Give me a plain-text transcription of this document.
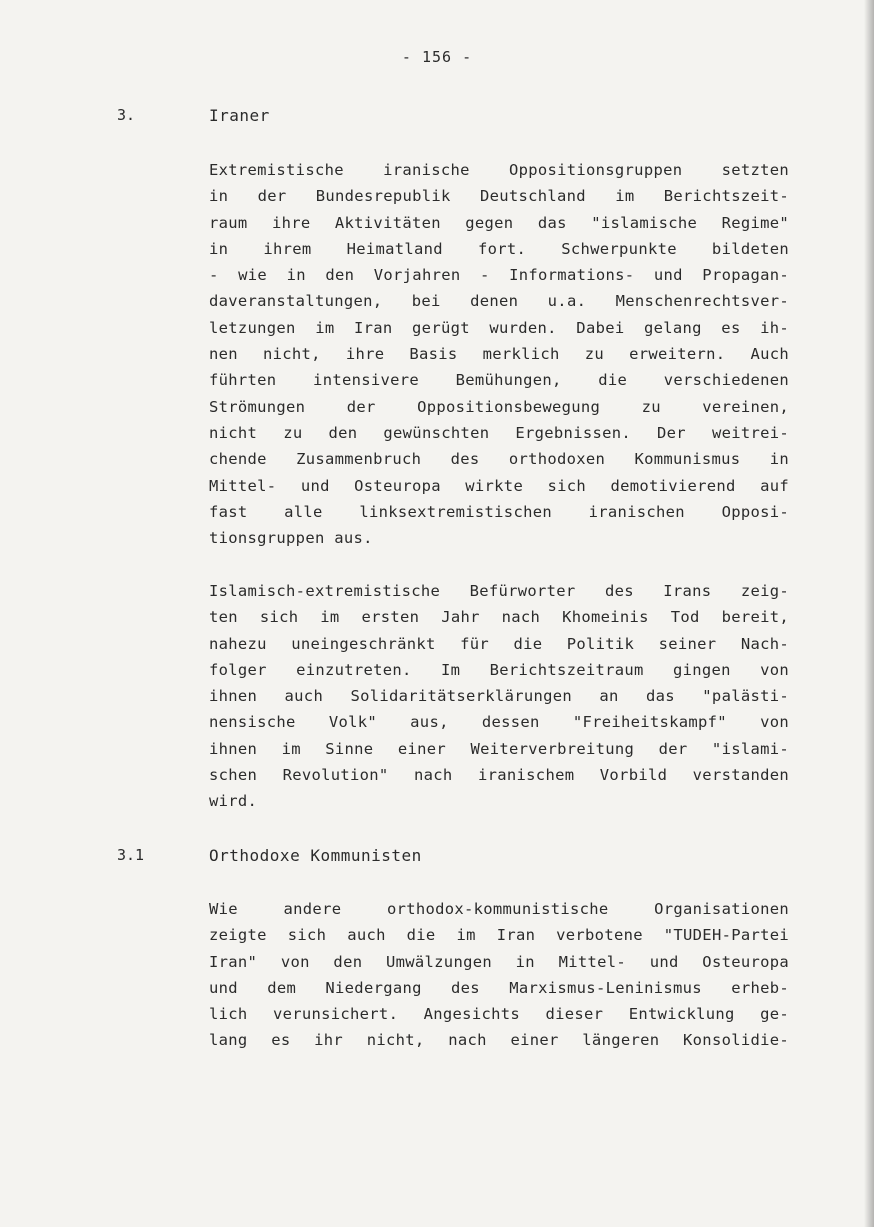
- 156 -
3.	Iraner
Extremistische iranische Oppositionsgruppen setzten
in der Bundesrepublik Deutschland im Berichtszeit-
raum ihre Aktivitäten gegen das "islamische Regime"
in ihrem Heimatland fort. Schwerpunkte bildeten
- wie in den Vorjahren - Informations- und Propagan-
daveranstaltungen, bei denen u.a. Menschenrechtsver-
letzungen im Iran gerügt wurden. Dabei gelang es ih-
nen nicht, ihre Basis merklich zu erweitern. Auch
führten intensivere Bemühungen, die verschiedenen
Strömungen der Oppositionsbewegung zu vereinen,
nicht zu den gewünschten Ergebnissen. Der weitrei-
chende Zusammenbruch des orthodoxen Kommunismus in
Mittel- und Osteuropa wirkte sich demotivierend auf
fast alle linksextremistischen iranischen Opposi-
tionsgruppen aus.
Islamisch-extremistische Befürworter des Irans zeig-
ten sich im ersten Jahr nach Khomeinis Tod bereit,
nahezu uneingeschränkt für die Politik seiner Nach-
folger einzutreten. Im Berichtszeitraum gingen von
ihnen auch Solidaritätserklärungen an das "palästi-
nensische Volk" aus, dessen "Freiheitskampf" von
ihnen im Sinne einer Weiterverbreitung der "islami-
schen Revolution" nach iranischem Vorbild verstanden
wird.
3.1	Orthodoxe Kommunisten
Wie andere orthodox-kommunistische Organisationen
zeigte sich auch die im Iran verbotene "TUDEH-Partei
Iran" von den Umwälzungen in Mittel- und Osteuropa
und dem Niedergang des Marxismus-Leninismus erheb-
lich verunsichert. Angesichts dieser Entwicklung ge-
lang es ihr nicht, nach einer längeren Konsolidie-
